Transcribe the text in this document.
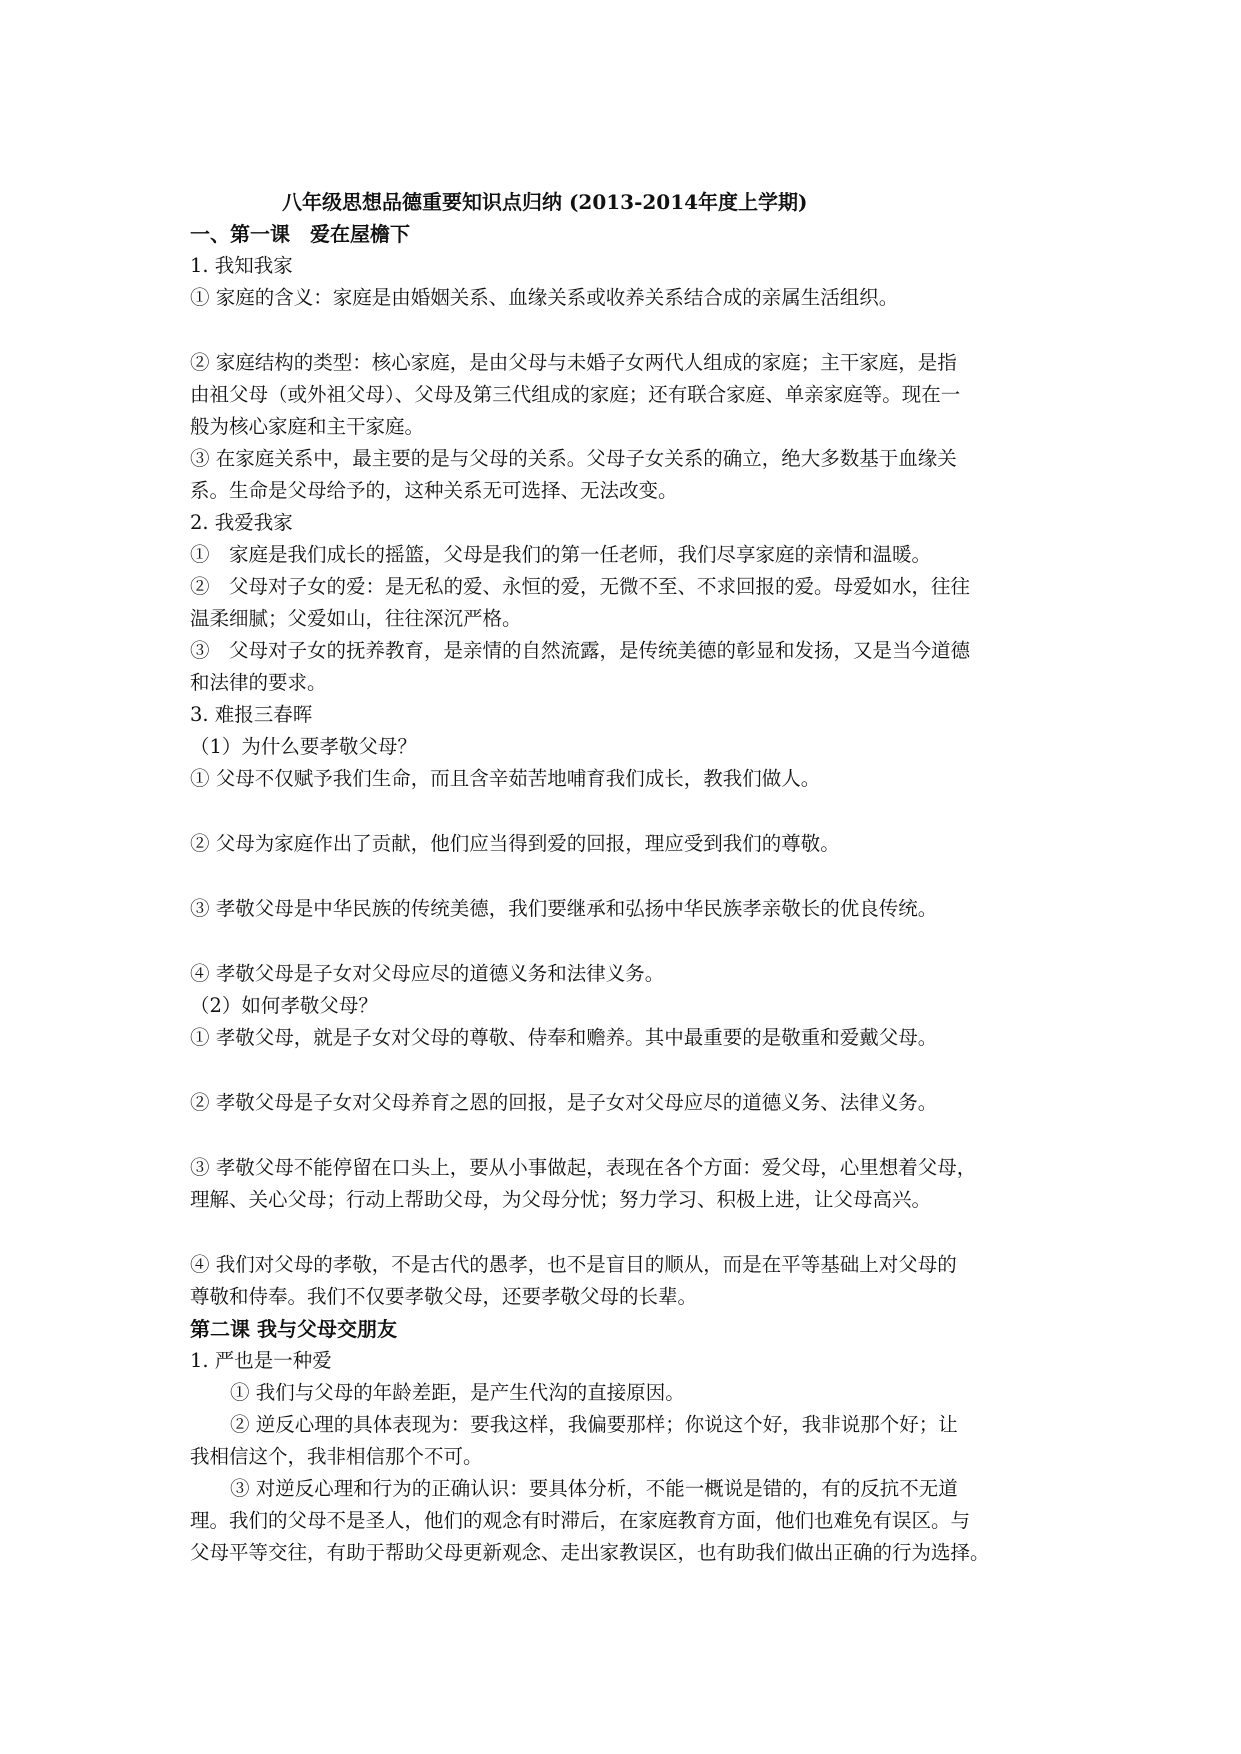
八年级思想品德重要知识点归纳 (2013-2014年度上学期)
一、第一课　爱在屋檐下
1. 我知我家
① 家庭的含义：家庭是由婚姻关系、血缘关系或收养关系结合成的亲属生活组织。
② 家庭结构的类型：核心家庭，是由父母与未婚子女两代人组成的家庭；主干家庭，是指
由祖父母（或外祖父母）、父母及第三代组成的家庭；还有联合家庭、单亲家庭等。现在一
般为核心家庭和主干家庭。
③ 在家庭关系中，最主要的是与父母的关系。父母子女关系的确立，绝大多数基于血缘关
系。生命是父母给予的，这种关系无可选择、无法改变。
2. 我爱我家
①　家庭是我们成长的摇篮，父母是我们的第一任老师，我们尽享家庭的亲情和温暖。
②　父母对子女的爱：是无私的爱、永恒的爱，无微不至、不求回报的爱。母爱如水，往往
温柔细腻；父爱如山，往往深沉严格。
③　父母对子女的抚养教育，是亲情的自然流露，是传统美德的彰显和发扬，又是当今道德
和法律的要求。
3. 难报三春晖
（1）为什么要孝敬父母？
① 父母不仅赋予我们生命，而且含辛茹苦地哺育我们成长，教我们做人。
② 父母为家庭作出了贡献，他们应当得到爱的回报，理应受到我们的尊敬。
③ 孝敬父母是中华民族的传统美德，我们要继承和弘扬中华民族孝亲敬长的优良传统。
④ 孝敬父母是子女对父母应尽的道德义务和法律义务。
（2）如何孝敬父母？
① 孝敬父母，就是子女对父母的尊敬、侍奉和赡养。其中最重要的是敬重和爱戴父母。
② 孝敬父母是子女对父母养育之恩的回报，是子女对父母应尽的道德义务、法律义务。
③ 孝敬父母不能停留在口头上，要从小事做起，表现在各个方面：爱父母，心里想着父母，
理解、关心父母；行动上帮助父母，为父母分忧；努力学习、积极上进，让父母高兴。
④ 我们对父母的孝敬，不是古代的愚孝，也不是盲目的顺从，而是在平等基础上对父母的
尊敬和侍奉。我们不仅要孝敬父母，还要孝敬父母的长辈。
第二课 我与父母交朋友
1. 严也是一种爱
① 我们与父母的年龄差距，是产生代沟的直接原因。
② 逆反心理的具体表现为：要我这样，我偏要那样；你说这个好，我非说那个好；让
我相信这个，我非相信那个不可。
③ 对逆反心理和行为的正确认识：要具体分析，不能一概说是错的，有的反抗不无道
理。我们的父母不是圣人，他们的观念有时滞后，在家庭教育方面，他们也难免有误区。与
父母平等交往，有助于帮助父母更新观念、走出家教误区，也有助我们做出正确的行为选择。
